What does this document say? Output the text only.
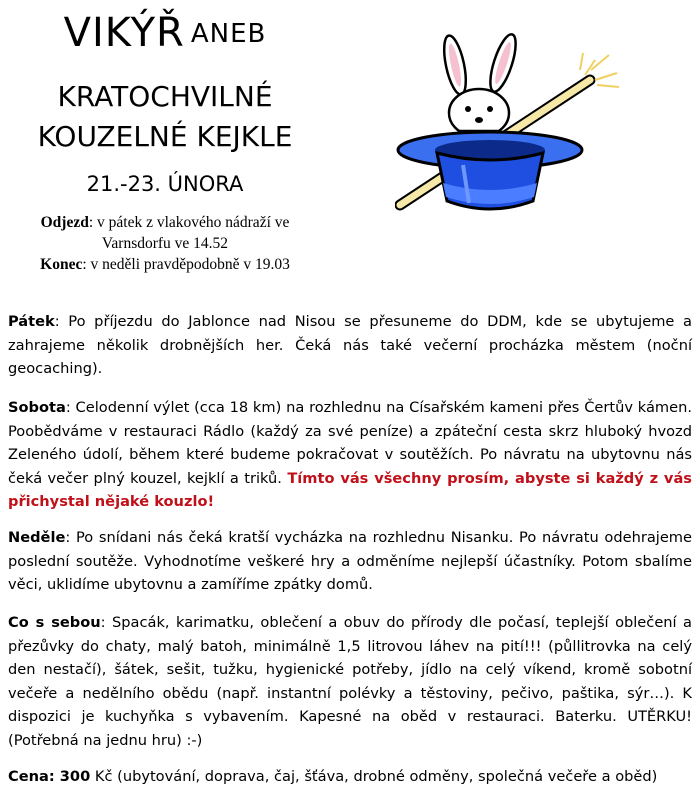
VIKÝŘ ANEB
KRATOCHVILNÉ
KOUZELNÉ KEJKLE
21.-23. ÚNORA
Odjezd: v pátek z vlakového nádraží ve
Varnsdorfu ve 14.52
Konec: v neděli pravděpodobně v 19.03

Pátek: Po příjezdu do Jablonce nad Nisou se přesuneme do DDM, kde se ubytujeme a zahrajeme několik drobnějších her. Čeká nás také večerní procházka městem (noční geocaching).

Sobota: Celodenní výlet (cca 18 km) na rozhlednu na Císařském kameni přes Čertův kámen. Poobědváme v restauraci Rádlo (každý za své peníze) a zpáteční cesta skrz hluboký hvozd Zeleného údolí, během které budeme pokračovat v soutěžích. Po návratu na ubytovnu nás čeká večer plný kouzel, kejklí a triků. Tímto vás všechny prosím, abyste si každý z vás přichystal nějaké kouzlo!

Neděle: Po snídani nás čeká kratší vycházka na rozhlednu Nisanku. Po návratu odehrajeme poslední soutěže. Vyhodnotíme veškeré hry a odměníme nejlepší účastníky. Potom sbalíme věci, uklidíme ubytovnu a zamíříme zpátky domů.

Co s sebou: Spacák, karimatku, oblečení a obuv do přírody dle počasí, teplejší oblečení a přezůvky do chaty, malý batoh, minimálně 1,5 litrovou láhev na pití!!! (půllitrovka na celý den nestačí), šátek, sešit, tužku, hygienické potřeby, jídlo na celý víkend, kromě sobotní večeře a nedělního obědu (např. instantní polévky a těstoviny, pečivo, paštika, sýr…). K dispozici je kuchyňka s vybavením. Kapesné na oběd v restauraci. Baterku. UTĚRKU! (Potřebná na jednu hru) :-)

Cena: 300 Kč (ubytování, doprava, čaj, šťáva, drobné odměny, společná večeře a oběd)
